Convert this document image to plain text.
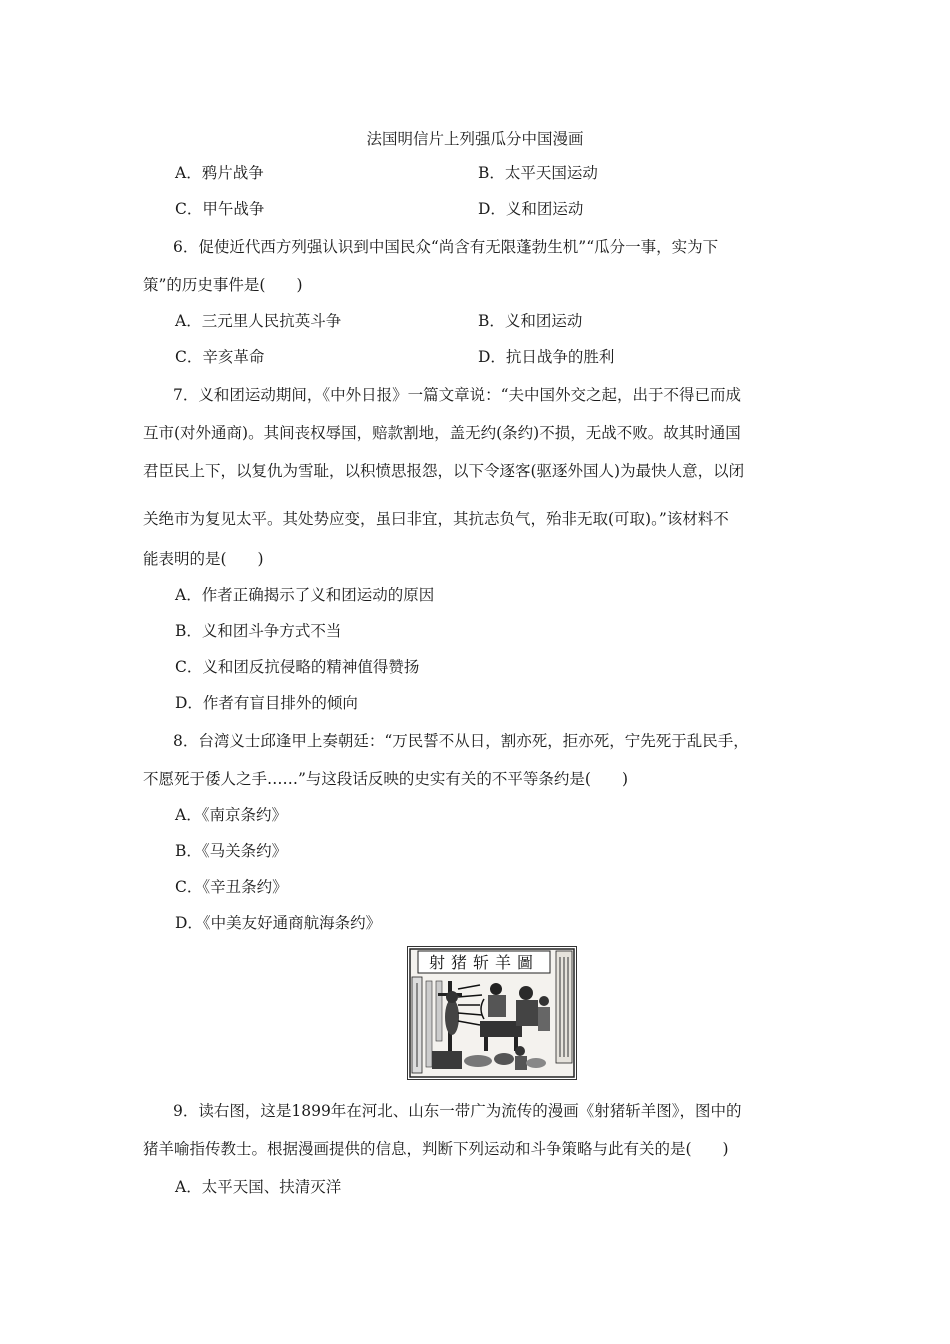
法国明信片上列强瓜分中国漫画
A．鸦片战争	B．太平天国运动
C．甲午战争	D．义和团运动
6．促使近代西方列强认识到中国民众“尚含有无限蓬勃生机”“瓜分一事，实为下
策”的历史事件是(　　)
A．三元里人民抗英斗争	B．义和团运动
C．辛亥革命	D．抗日战争的胜利
7．义和团运动期间，《中外日报》一篇文章说：“夫中国外交之起，出于不得已而成
互市(对外通商)。其间丧权辱国，赔款割地，盖无约(条约)不损，无战不败。故其时通国
君臣民上下，以复仇为雪耻，以积愤思报怨，以下令逐客(驱逐外国人)为最快人意，以闭
关绝市为复见太平。其处势应变，虽曰非宜，其抗志负气，殆非无取(可取)。”该材料不
能表明的是(　　)
A．作者正确揭示了义和团运动的原因
B．义和团斗争方式不当
C．义和团反抗侵略的精神值得赞扬
D．作者有盲目排外的倾向
8．台湾义士邱逢甲上奏朝廷：“万民誓不从日，割亦死，拒亦死，宁先死于乱民手，
不愿死于倭人之手……”与这段话反映的史实有关的不平等条约是(　　)
A．《南京条约》
B．《马关条约》
C．《辛丑条约》
D．《中美友好通商航海条约》
射猪斩羊圖
9．读右图，这是1899年在河北、山东一带广为流传的漫画《射猪斩羊图》，图中的
猪羊喻指传教士。根据漫画提供的信息，判断下列运动和斗争策略与此有关的是(　　)
A．太平天国、扶清灭洋
